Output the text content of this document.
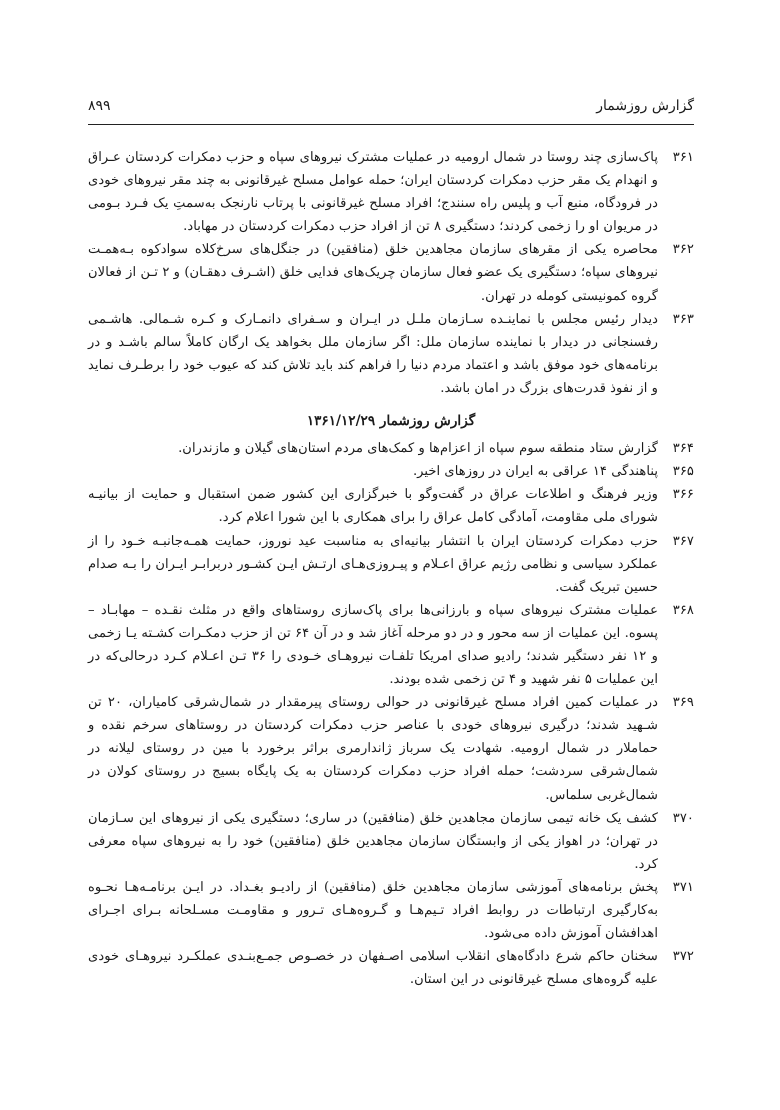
گزارش روزشمار
۸۹۹
۳۶۱
پاک‌سازی چند روستا در شمال ارومیه در عملیات مشترک نیروهای سپاه و حزب دمکرات کردستان عـراق و انهدام یک مقر حزب دمکرات کردستان ایران؛ حمله عوامل مسلح غیرقانونی به چند مقر نیروهای خودی در فرودگاه، منبع آب و پلیس راه سنندج؛ افراد مسلح غیرقانونی با پرتاب نارنجک به‌سمتِ یک فـرد بـومی در مریوان او را زخمی کردند؛ دستگیری ۸ تن از افراد حزب دمکرات کردستان در مهاباد.
۳۶۲
محاصره یکی از مقرهای سازمان مجاهدین خلق (منافقین) در جنگل‌های سرخ‌کلاه سوادکوه بـه‌همـت نیروهای سپاه؛ دستگیری یک عضو فعال سازمان چریک‌های فدایی خلق (اشـرف دهقـان) و ۲ تـن از فعالان گروه کمونیستی کومله در تهران.
۳۶۳
دیدار رئیس مجلس با نماینـده سـازمان ملـل در ایـران و سـفرای دانمـارک و کـره شـمالی. هاشـمی رفسنجانی در دیدار با نماینده سازمان ملل: اگر سازمان ملل بخواهد یک ارگان کاملاً سالم باشـد و در برنامه‌های خود موفق باشد و اعتماد مردم دنیا را فراهم کند باید تلاش کند که عیوب خود را برطـرف نماید و از نفوذ قدرت‌های بزرگ در امان باشد.
گزارش روزشمار ۱۳۶۱/۱۲/۲۹
۳۶۴
گزارش ستاد منطقه سوم سپاه از اعزام‌ها و کمک‌های مردم استان‌های گیلان و مازندران.
۳۶۵
پناهندگی ۱۴ عراقی به ایران در روزهای اخیر.
۳۶۶
وزیر فرهنگ و اطلاعات عراق در گفت‌وگو با خبرگزاری این کشور ضمن استقبال و حمایت از بیانیـه شورای ملی مقاومت، آمادگی کامل عراق را برای همکاری با این شورا اعلام کرد.
۳۶۷
حزب دمکرات کردستان ایران با انتشار بیانیه‌ای به مناسبت عید نوروز، حمایت همـه‌جانبـه خـود را از عملکرد سیاسی و نظامی رژیم عراق اعـلام و پیـروزی‌هـای ارتـش ایـن کشـور دربرابـر ایـران را بـه صدام حسین تبریک گفت.
۳۶۸
عملیات مشترک نیروهای سپاه و بارزانی‌ها برای پاک‌سازی روستاهای واقع در مثلث نقـده – مهابـاد – پسوه. این عملیات از سه محور و در دو مرحله آغاز شد و در آن ۶۴ تن از حزب دمکـرات کشـته یـا زخمی و ۱۲ نفر دستگیر شدند؛ رادیو صدای امریکا تلفـات نیروهـای خـودی را ۳۶ تـن اعـلام کـرد درحالی‌که در این عملیات ۵ نفر شهید و ۴ تن زخمی شده بودند.
۳۶۹
در عملیات کمین افراد مسلح غیرقانونی در حوالی روستای پیرمقدار در شمال‌شرقی کامیاران، ۲۰ تن شـهید شدند؛ درگیری نیروهای خودی با عناصر حزب دمکرات کردستان در روستاهای سرخم نقده و حماملار در شمال ارومیه. شهادت یک سرباز ژاندارمری براثر برخورد با مین در روستای لیلانه در شمال‌شرقی سردشت؛ حمله افراد حزب دمکرات کردستان به یک پایگاه بسیج در روستای کولان در شمال‌غربی سلماس.
۳۷۰
کشف یک خانه تیمی سازمان مجاهدین خلق (منافقین) در ساری؛ دستگیری یکی از نیروهای این سـازمان در تهران؛ در اهواز یکی از وابستگان سازمان مجاهدین خلق (منافقین) خود را به نیروهای سپاه معرفی کرد.
۳۷۱
پخش برنامه‌های آموزشی سازمان مجاهدین خلق (منافقین) از رادیـو بغـداد. در ایـن برنامـه‌هـا نحـوه به‌کارگیری ارتباطات در روابط افراد تـیم‌هـا و گـروه‌هـای تـرور و مقاومـت مسـلحانه بـرای اجـرای اهدافشان آموزش داده می‌شود.
۳۷۲
سخنان حاکم شرع دادگاه‌های انقلاب اسلامی اصـفهان در خصـوص جمـع‌بنـدی عملکـرد نیروهـای خودی علیه گروه‌های مسلح غیرقانونی در این استان.
